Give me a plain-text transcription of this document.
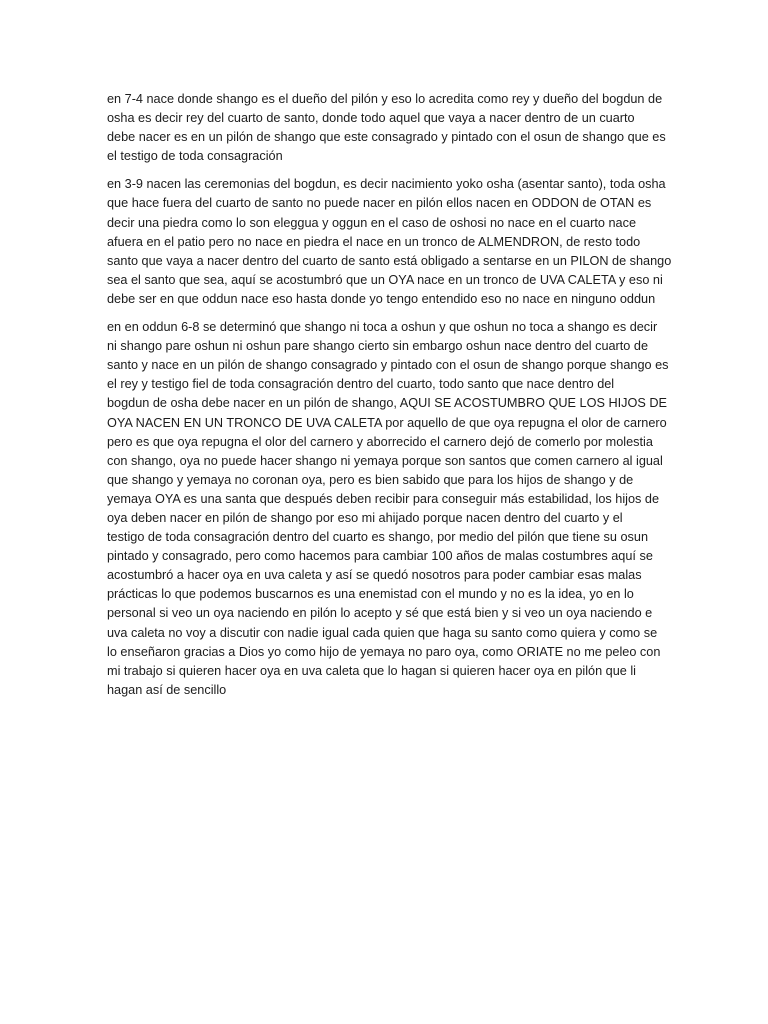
en 7-4 nace donde shango es el dueño del pilón y eso lo acredita como rey y dueño del bogdun de
osha es decir rey del cuarto de santo, donde todo aquel que vaya a nacer dentro de un cuarto
debe nacer es en un pilón de shango que este consagrado y pintado con el osun de shango que es
el testigo de toda consagración

en 3-9 nacen las ceremonias del bogdun, es decir nacimiento yoko osha (asentar santo), toda osha
que hace fuera del cuarto de santo no puede nacer en pilón ellos nacen en ODDON de OTAN es
decir una piedra como lo son eleggua y oggun en el caso de oshosi no nace en el cuarto nace
afuera en el patio pero no nace en piedra el nace en un tronco de ALMENDRON, de resto todo
santo que vaya a nacer dentro del cuarto de santo está obligado a sentarse en un PILON de shango
sea el santo que sea, aquí se acostumbró que un OYA nace en un tronco de UVA CALETA y eso ni
debe ser en que oddun nace eso hasta donde yo tengo entendido eso no nace en ninguno oddun

en en oddun 6-8 se determinó que shango ni toca a oshun y que oshun no toca a shango es decir
ni shango pare oshun ni oshun pare shango cierto sin embargo oshun nace dentro del cuarto de
santo y nace en un pilón de shango consagrado y pintado con el osun de shango porque shango es
el rey y testigo fiel de toda consagración dentro del cuarto, todo santo que nace dentro del
bogdun de osha debe nacer en un pilón de shango, AQUI SE ACOSTUMBRO QUE LOS HIJOS DE
OYA NACEN EN UN TRONCO DE UVA CALETA por aquello de que oya repugna el olor de carnero
pero es que oya repugna el olor del carnero y aborrecido el carnero dejó de comerlo por molestia
con shango, oya no puede hacer shango ni yemaya porque son santos que comen carnero al igual
que shango y yemaya no coronan oya, pero es bien sabido que para los hijos de shango y de
yemaya OYA es una santa que después deben recibir para conseguir más estabilidad, los hijos de
oya deben nacer en pilón de shango por eso mi ahijado porque nacen dentro del cuarto y el
testigo de toda consagración dentro del cuarto es shango, por medio del pilón que tiene su osun
pintado y consagrado, pero como hacemos para cambiar 100 años de malas costumbres aquí se
acostumbró a hacer oya en uva caleta y así se quedó nosotros para poder cambiar esas malas
prácticas lo que podemos buscarnos es una enemistad con el mundo y no es la idea, yo en lo
personal si veo un oya naciendo en pilón lo acepto y sé que está bien y si veo un oya naciendo e
uva caleta no voy a discutir con nadie igual cada quien que haga su santo como quiera y como se
lo enseñaron gracias a Dios yo como hijo de yemaya no paro oya, como ORIATE no me peleo con
mi trabajo si quieren hacer oya en uva caleta que lo hagan si quieren hacer oya en pilón que li
hagan así de sencillo
